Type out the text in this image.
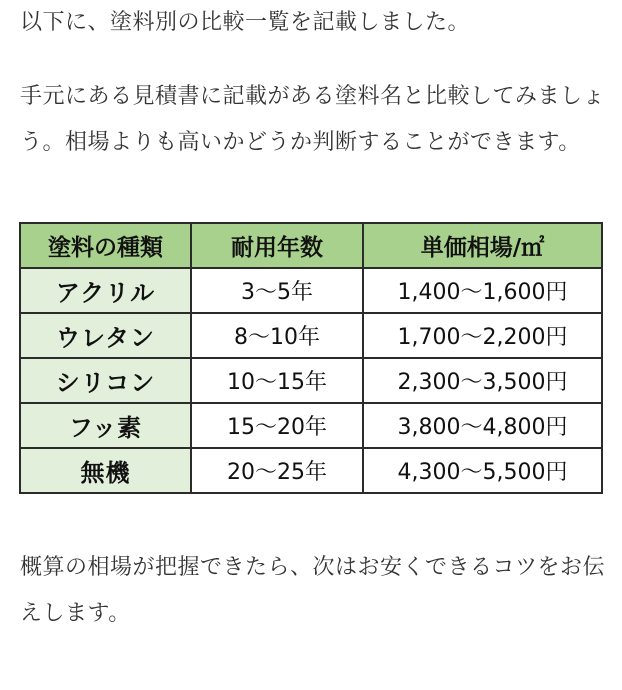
以下に、塗料別の比較一覧を記載しました。

手元にある見積書に記載がある塗料名と比較してみましょう。相場よりも高いかどうか判断することができます。

塗料の種類	耐用年数	単価相場/㎡
アクリル	3〜5年	1,400〜1,600円
ウレタン	8〜10年	1,700〜2,200円
シリコン	10〜15年	2,300〜3,500円
フッ素	15〜20年	3,800〜4,800円
無機	20〜25年	4,300〜5,500円

概算の相場が把握できたら、次はお安くできるコツをお伝えします。
